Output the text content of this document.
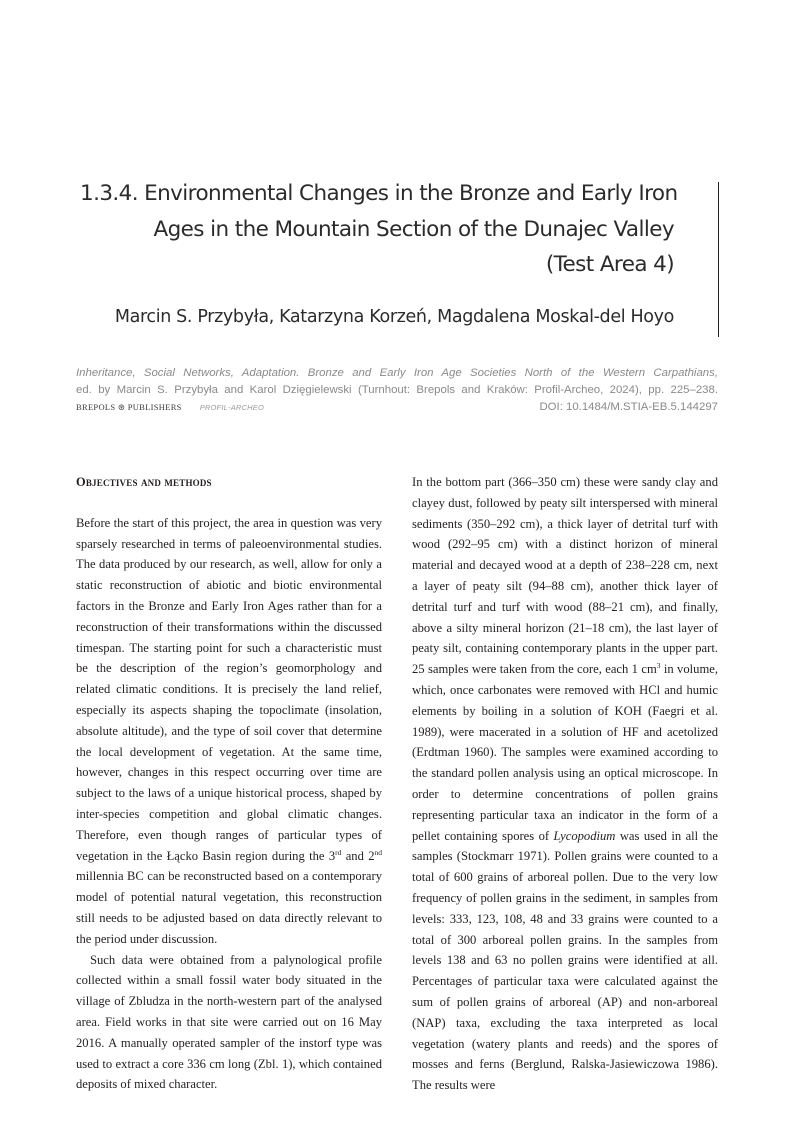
1.3.4. Environmental Changes in the Bronze and Early Iron
Ages in the Mountain Section of the Dunajec Valley
(Test Area 4)
Marcin S. Przybyła, Katarzyna Korzeń, Magdalena Moskal-del Hoyo
Inheritance, Social Networks, Adaptation. Bronze and Early Iron Age Societies North of the Western Carpathians,
ed. by Marcin S. Przybyła and Karol Dzięgielewski (Turnhout: Brepols and Kraków: Profil-Archeo, 2024), pp. 225–238.
BREPOLS ⊛ PUBLISHERS PROFIL-ARCHEO	DOI: 10.1484/M.STIA-EB.5.144297
Objectives and methods

Before the start of this project, the area in question was very sparsely researched in terms of paleoenvironmental studies. The data produced by our research, as well, allow for only a static reconstruction of abiotic and biotic environmental factors in the Bronze and Early Iron Ages rather than for a reconstruction of their transformations within the discussed timespan. The starting point for such a characteristic must be the description of the region’s geomorphology and related climatic conditions. It is precisely the land relief, especially its aspects shaping the topoclimate (insolation, absolute altitude), and the type of soil cover that determine the local development of vegetation. At the same time, however, changes in this respect occurring over time are subject to the laws of a unique historical process, shaped by inter-species competition and global climatic changes. Therefore, even though ranges of particular types of vegetation in the Łącko Basin region during the 3rd and 2nd millennia BC can be reconstructed based on a contemporary model of potential natural vegetation, this reconstruction still needs to be adjusted based on data directly relevant to the period under discussion.

Such data were obtained from a palynological profile collected within a small fossil water body situated in the village of Zbludza in the north-western part of the analysed area. Field works in that site were carried out on 16 May 2016. A manually operated sampler of the instorf type was used to extract a core 336 cm long (Zbl. 1), which contained deposits of mixed character.

In the bottom part (366–350 cm) these were sandy clay and clayey dust, followed by peaty silt interspersed with mineral sediments (350–292 cm), a thick layer of detrital turf with wood (292–95 cm) with a distinct horizon of mineral material and decayed wood at a depth of 238–228 cm, next a layer of peaty silt (94–88 cm), another thick layer of detrital turf and turf with wood (88–21 cm), and finally, above a silty mineral horizon (21–18 cm), the last layer of peaty silt, containing contemporary plants in the upper part. 25 samples were taken from the core, each 1 $cm^3$ in volume, which, once carbonates were removed with HCl and humic elements by boiling in a solution of KOH (Faegri et al. 1989), were macerated in a solution of HF and acetolized (Erdtman 1960). The samples were examined according to the standard pollen analysis using an optical microscope. In order to determine concentrations of pollen grains representing particular taxa an indicator in the form of a pellet containing spores of Lycopodium was used in all the samples (Stockmarr 1971). Pollen grains were counted to a total of 600 grains of arboreal pollen. Due to the very low frequency of pollen grains in the sediment, in samples from levels: 333, 123, 108, 48 and 33 grains were counted to a total of 300 arboreal pollen grains. In the samples from levels 138 and 63 no pollen grains were identified at all. Percentages of particular taxa were calculated against the sum of pollen grains of arboreal (AP) and non-arboreal (NAP) taxa, excluding the taxa interpreted as local vegetation (watery plants and reeds) and the spores of mosses and ferns (Berglund, Ralska-Jasiewiczowa 1986). The results were
